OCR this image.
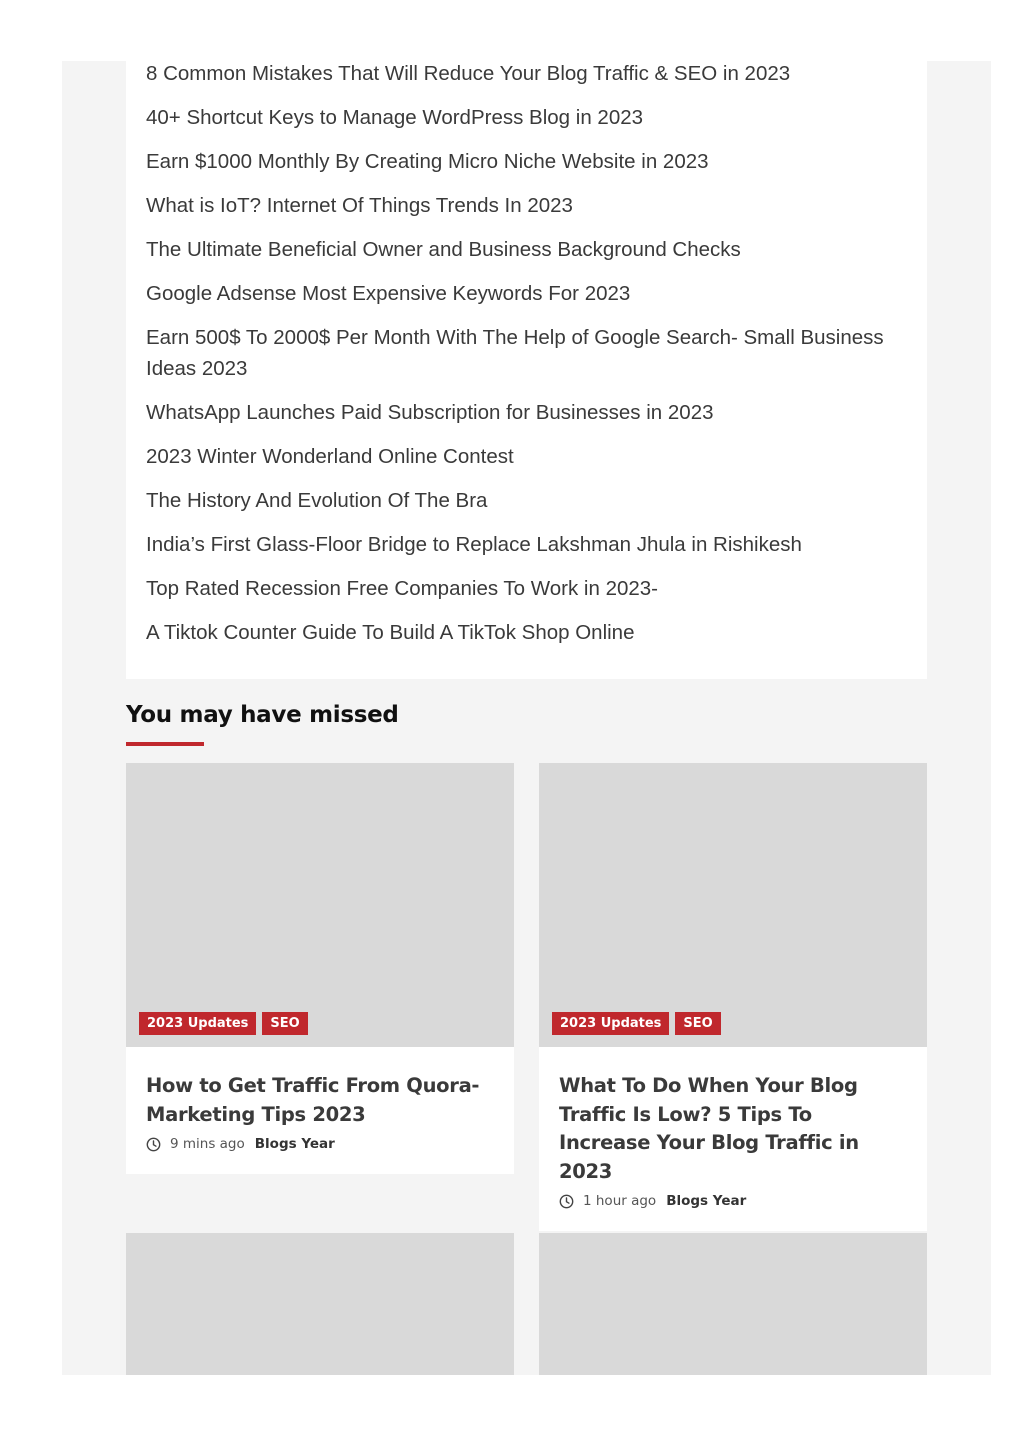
8 Common Mistakes That Will Reduce Your Blog Traffic & SEO in 2023
40+ Shortcut Keys to Manage WordPress Blog in 2023
Earn $1000 Monthly By Creating Micro Niche Website in 2023
What is IoT? Internet Of Things Trends In 2023
The Ultimate Beneficial Owner and Business Background Checks
Google Adsense Most Expensive Keywords For 2023
Earn 500$ To 2000$ Per Month With The Help of Google Search- Small Business Ideas 2023
WhatsApp Launches Paid Subscription for Businesses in 2023
2023 Winter Wonderland Online Contest
The History And Evolution Of The Bra
India’s First Glass-Floor Bridge to Replace Lakshman Jhula in Rishikesh
Top Rated Recession Free Companies To Work in 2023-
A Tiktok Counter Guide To Build A TikTok Shop Online
You may have missed
2023 Updates	SEO
How to Get Traffic From Quora- Marketing Tips 2023
9 mins ago Blogs Year
2023 Updates	SEO
What To Do When Your Blog Traffic Is Low? 5 Tips To Increase Your Blog Traffic in 2023
1 hour ago Blogs Year
